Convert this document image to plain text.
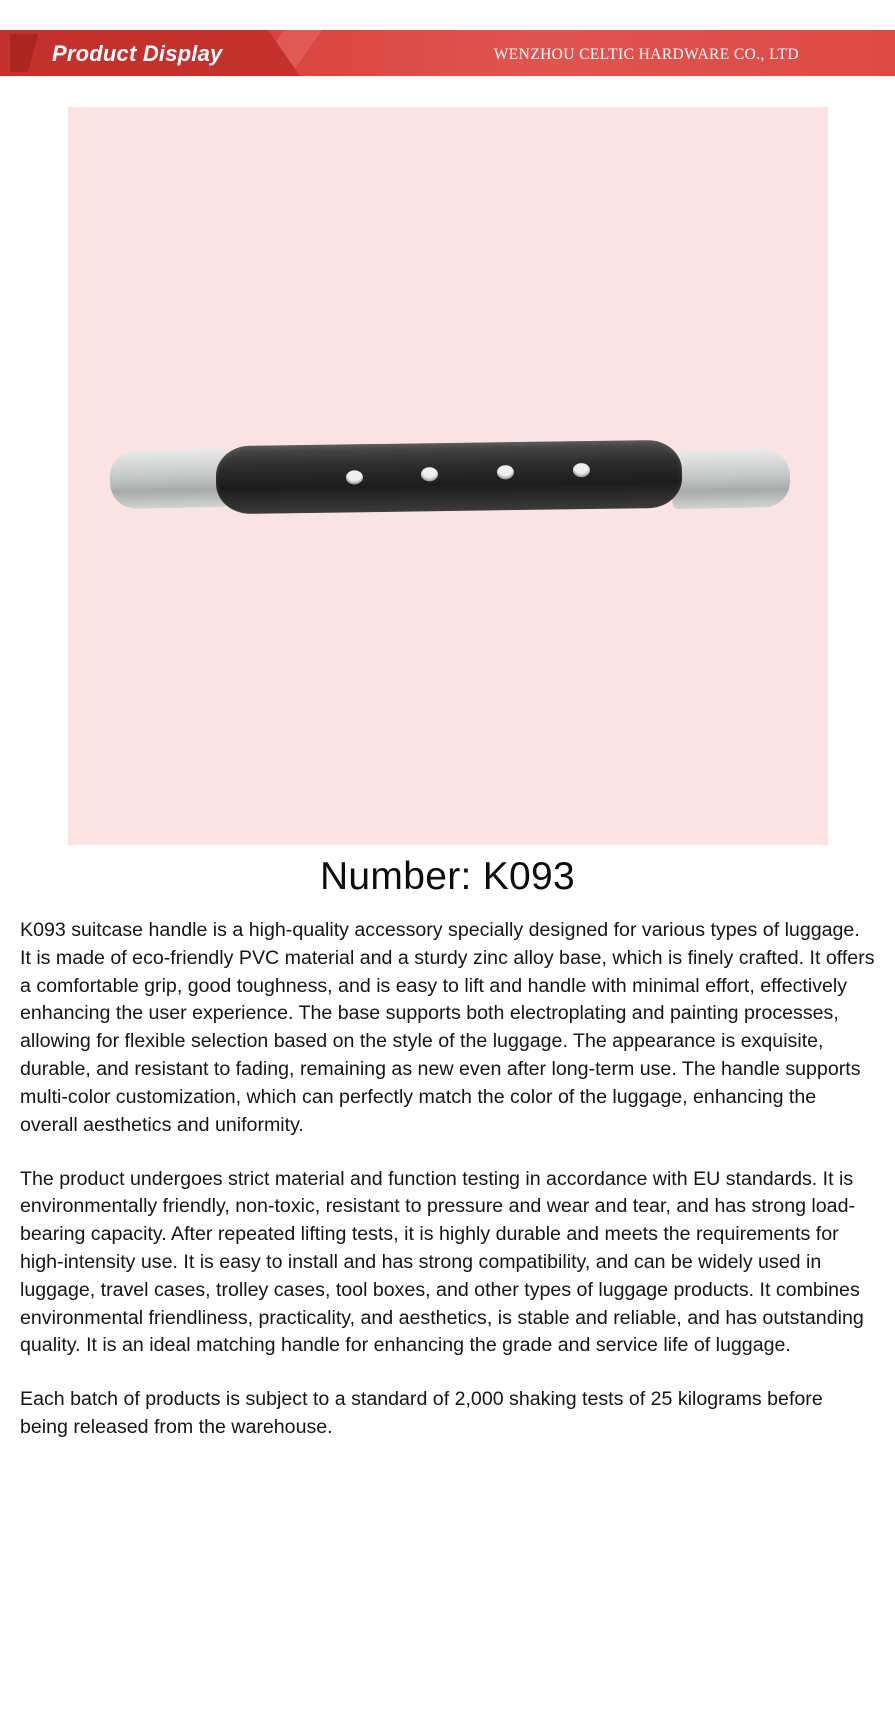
Product Display	WENZHOU CELTIC HARDWARE CO., LTD
Number: K093

K093 suitcase handle is a high-quality accessory specially designed for various types of luggage. It is made of eco-friendly PVC material and a sturdy zinc alloy base, which is finely crafted. It offers a comfortable grip, good toughness, and is easy to lift and handle with minimal effort, effectively enhancing the user experience. The base supports both electroplating and painting processes, allowing for flexible selection based on the style of the luggage. The appearance is exquisite, durable, and resistant to fading, remaining as new even after long-term use. The handle supports multi-color customization, which can perfectly match the color of the luggage, enhancing the overall aesthetics and uniformity.

The product undergoes strict material and function testing in accordance with EU standards. It is environmentally friendly, non-toxic, resistant to pressure and wear and tear, and has strong load-bearing capacity. After repeated lifting tests, it is highly durable and meets the requirements for high-intensity use. It is easy to install and has strong compatibility, and can be widely used in luggage, travel cases, trolley cases, tool boxes, and other types of luggage products. It combines environmental friendliness, practicality, and aesthetics, is stable and reliable, and has outstanding quality. It is an ideal matching handle for enhancing the grade and service life of luggage.

Each batch of products is subject to a standard of 2,000 shaking tests of 25 kilograms before being released from the warehouse.
